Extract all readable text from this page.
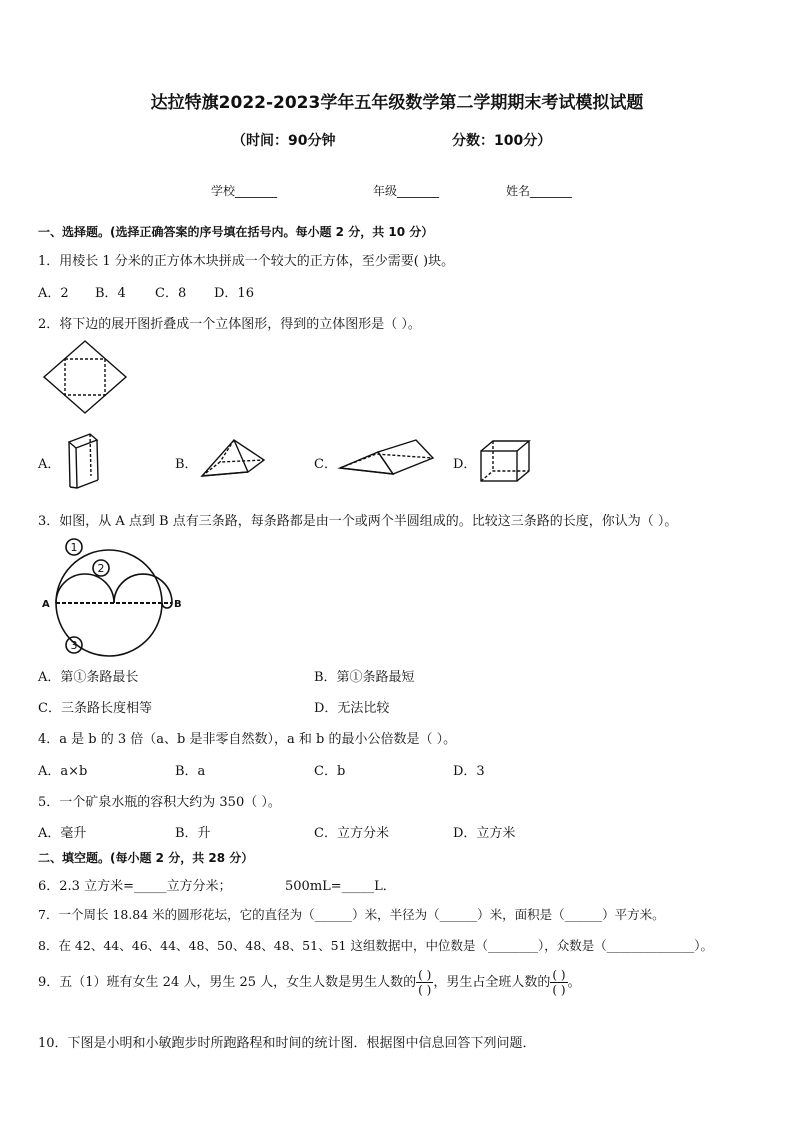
达拉特旗2022-2023学年五年级数学第二学期期末考试模拟试题
（时间：90分钟	分数：100分）
学校_______	年级_______	姓名_______
一、选择题。(选择正确答案的序号填在括号内。每小题 2 分，共 10 分）
1．用棱长 1 分米的正方体木块拼成一个较大的正方体，至少需要( )块。
A．2 B．4 C．8 D．16
2．将下边的展开图折叠成一个立体图形，得到的立体图形是（ ）。
A．	B．	C．	D．
3．如图，从 A 点到 B 点有三条路，每条路都是由一个或两个半圆组成的。比较这三条路的长度，你认为（ ）。
1
2
3
A	B
A．第①条路最长	B．第①条路最短
C．三条路长度相等	D．无法比较
4．a 是 b 的 3 倍（a、b 是非零自然数），a 和 b 的最小公倍数是（ ）。
A．a×b	B．a	C．b	D．3
5．一个矿泉水瓶的容积大约为 350（ ）。
A．毫升	B．升	C．立方分米	D．立方米
二、填空题。(每小题 2 分，共 28 分）
6．2.3 立方米=_____立方分米；	500mL=_____L．
7．一个周长 18.84 米的圆形花坛，它的直径为（______）米，半径为（______）米，面积是（______）平方米。
8．在 42、44、46、44、48、50、48、48、51、51 这组数据中，中位数是（________），众数是（______________）。
9．五（1）班有女生 24 人，男生 25 人，女生人数是男生人数的 $\frac{( )}{( )}$ ，男生占全班人数的 $\frac{( )}{( )}$ 。
10．下图是小明和小敏跑步时所跑路程和时间的统计图．根据图中信息回答下列问题．
